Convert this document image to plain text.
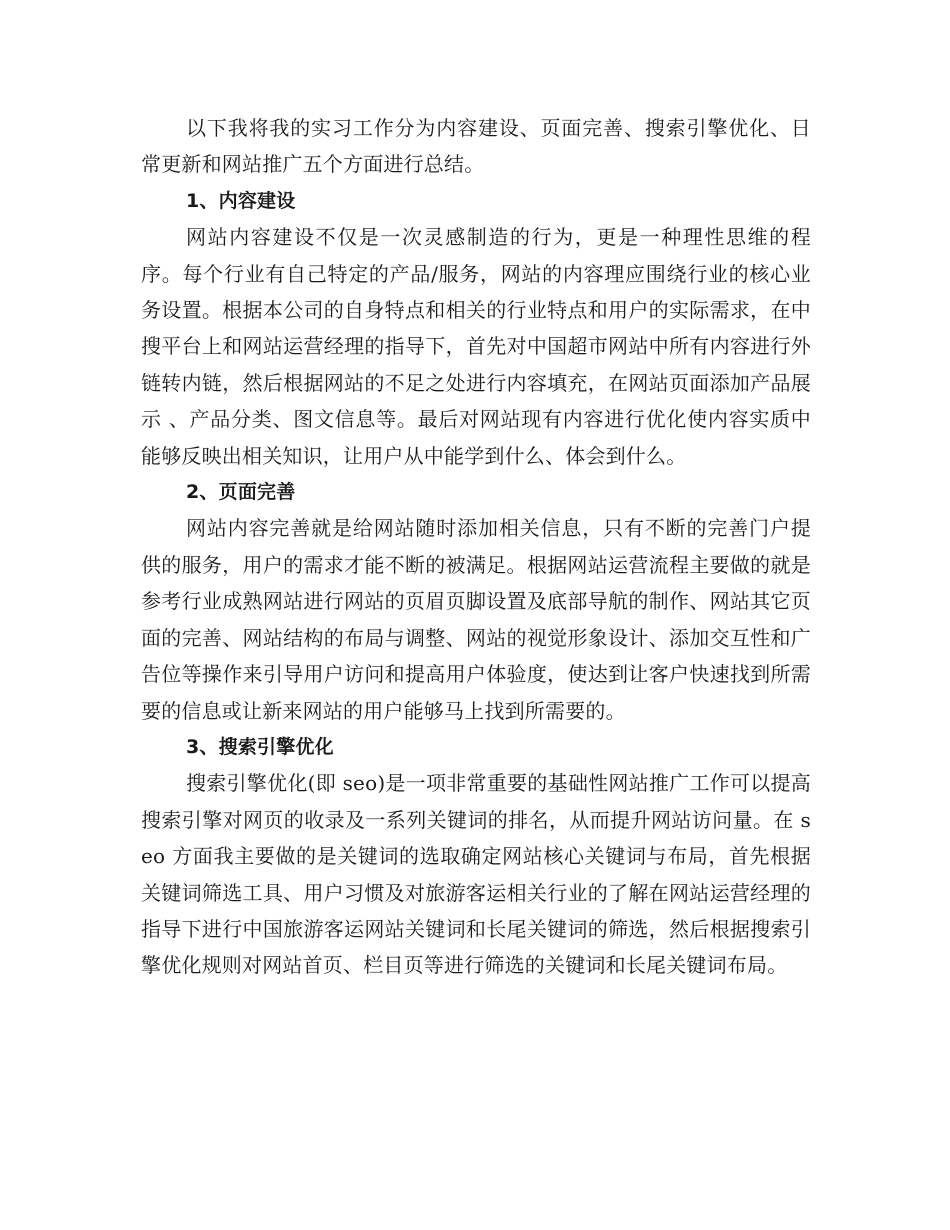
以下我将我的实习工作分为内容建设、页面完善、搜索引擎优化、日常更新和网站推广五个方面进行总结。

1、内容建设

网站内容建设不仅是一次灵感制造的行为，更是一种理性思维的程序。每个行业有自己特定的产品/服务，网站的内容理应围绕行业的核心业务设置。根据本公司的自身特点和相关的行业特点和用户的实际需求，在中搜平台上和网站运营经理的指导下，首先对中国超市网站中所有内容进行外链转内链，然后根据网站的不足之处进行内容填充，在网站页面添加产品展示 、产品分类、图文信息等。最后对网站现有内容进行优化使内容实质中能够反映出相关知识，让用户从中能学到什么、体会到什么。

2、页面完善

网站内容完善就是给网站随时添加相关信息，只有不断的完善门户提供的服务，用户的需求才能不断的被满足。根据网站运营流程主要做的就是参考行业成熟网站进行网站的页眉页脚设置及底部导航的制作、网站其它页面的完善、网站结构的布局与调整、网站的视觉形象设计、添加交互性和广告位等操作来引导用户访问和提高用户体验度，使达到让客户快速找到所需要的信息或让新来网站的用户能够马上找到所需要的。

3、搜索引擎优化

搜索引擎优化(即 seo)是一项非常重要的基础性网站推广工作可以提高搜索引擎对网页的收录及一系列关键词的排名，从而提升网站访问量。在 seo 方面我主要做的是关键词的选取确定网站核心关键词与布局，首先根据关键词筛选工具、用户习惯及对旅游客运相关行业的了解在网站运营经理的指导下进行中国旅游客运网站关键词和长尾关键词的筛选，然后根据搜索引擎优化规则对网站首页、栏目页等进行筛选的关键词和长尾关键词布局。
